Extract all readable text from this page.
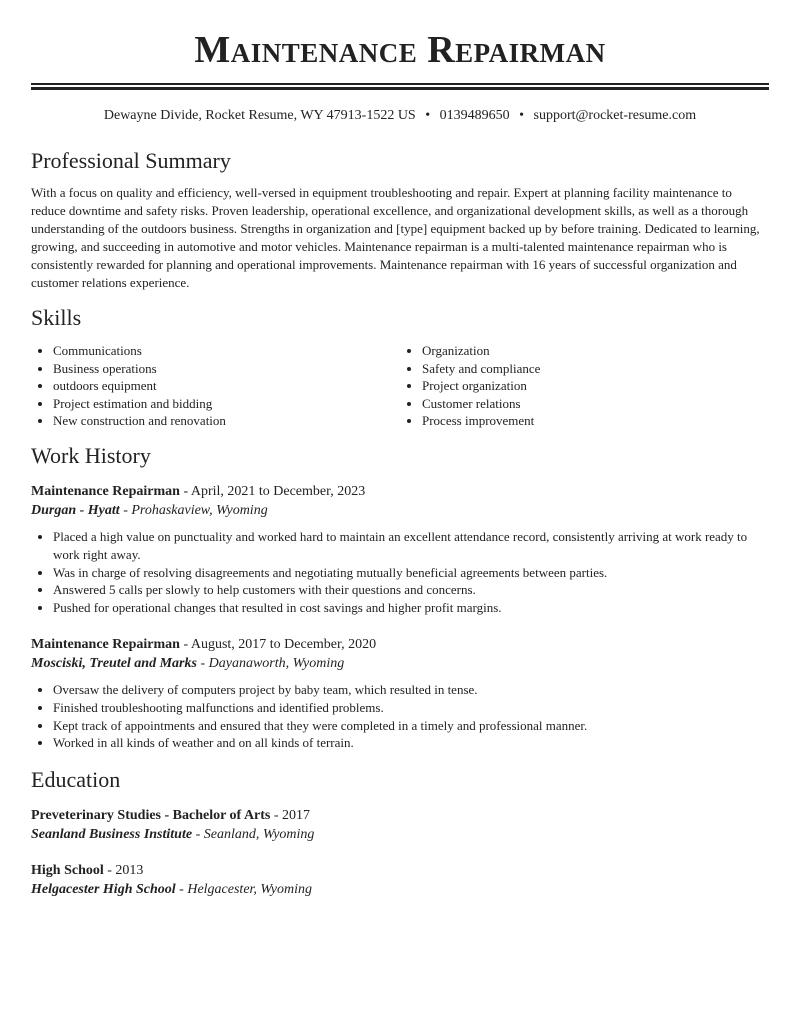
Maintenance Repairman
Dewayne Divide, Rocket Resume, WY 47913-1522 US • 0139489650 • support@rocket-resume.com
Professional Summary

With a focus on quality and efficiency, well-versed in equipment troubleshooting and repair. Expert at planning facility maintenance to reduce downtime and safety risks. Proven leadership, operational excellence, and organizational development skills, as well as a thorough understanding of the outdoors business. Strengths in organization and [type] equipment backed up by before training. Dedicated to learning, growing, and succeeding in automotive and motor vehicles. Maintenance repairman is a multi-talented maintenance repairman who is consistently rewarded for planning and operational improvements. Maintenance repairman with 16 years of successful organization and customer relations experience.

Skills
• Communications
• Business operations
• outdoors equipment
• Project estimation and bidding
• New construction and renovation
• Organization
• Safety and compliance
• Project organization
• Customer relations
• Process improvement
Work History
Maintenance Repairman - April, 2021 to December, 2023
Durgan - Hyatt - Prohaskaview, Wyoming
• Placed a high value on punctuality and worked hard to maintain an excellent attendance record, consistently arriving at work ready to work right away.
• Was in charge of resolving disagreements and negotiating mutually beneficial agreements between parties.
• Answered 5 calls per slowly to help customers with their questions and concerns.
• Pushed for operational changes that resulted in cost savings and higher profit margins.
Maintenance Repairman - August, 2017 to December, 2020
Mosciski, Treutel and Marks - Dayanaworth, Wyoming
• Oversaw the delivery of computers project by baby team, which resulted in tense.
• Finished troubleshooting malfunctions and identified problems.
• Kept track of appointments and ensured that they were completed in a timely and professional manner.
• Worked in all kinds of weather and on all kinds of terrain.
Education
Preveterinary Studies - Bachelor of Arts - 2017
Seanland Business Institute - Seanland, Wyoming
High School - 2013
Helgacester High School - Helgacester, Wyoming
